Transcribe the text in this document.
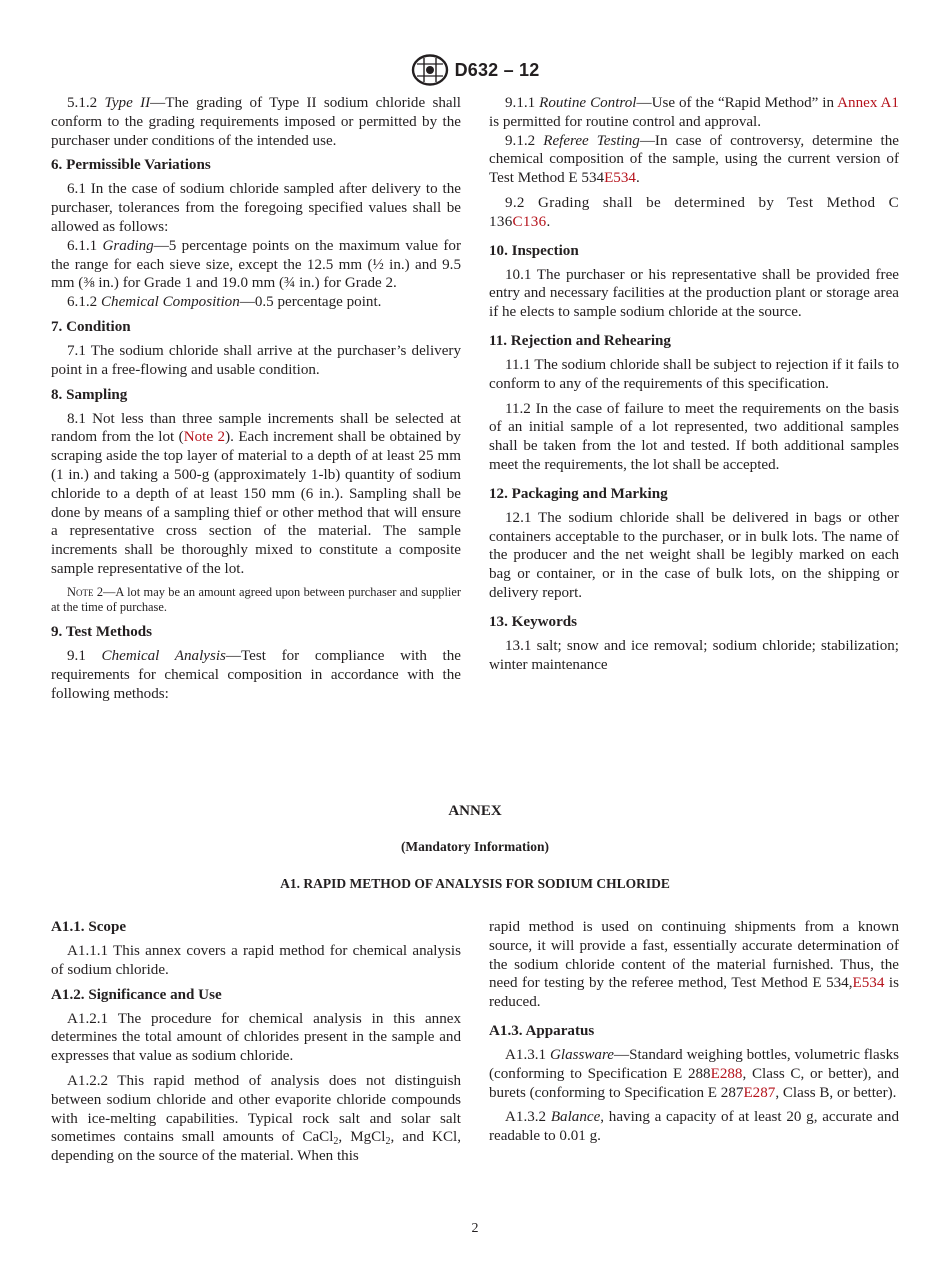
D632 – 12

5.1.2 Type II—The grading of Type II sodium chloride shall conform to the grading requirements imposed or permitted by the purchaser under conditions of the intended use.

6. Permissible Variations

6.1 In the case of sodium chloride sampled after delivery to the purchaser, tolerances from the foregoing specified values shall be allowed as follows:

6.1.1 Grading—5 percentage points on the maximum value for the range for each sieve size, except the 12.5 mm (½ in.) and 9.5 mm (⅜ in.) for Grade 1 and 19.0 mm (¾ in.) for Grade 2.

6.1.2 Chemical Composition—0.5 percentage point.

7. Condition

7.1 The sodium chloride shall arrive at the purchaser’s delivery point in a free-flowing and usable condition.

8. Sampling

8.1 Not less than three sample increments shall be selected at random from the lot (Note 2). Each increment shall be obtained by scraping aside the top layer of material to a depth of at least 25 mm (1 in.) and taking a 500-g (approximately 1-lb) quantity of sodium chloride to a depth of at least 150 mm (6 in.). Sampling shall be done by means of a sampling thief or other method that will ensure a representative cross section of the material. The sample increments shall be thoroughly mixed to constitute a composite sample representative of the lot.

Note 2—A lot may be an amount agreed upon between purchaser and supplier at the time of purchase.

9. Test Methods

9.1 Chemical Analysis—Test for compliance with the requirements for chemical composition in accordance with the following methods:

9.1.1 Routine Control—Use of the “Rapid Method” in Annex A1 is permitted for routine control and approval.

9.1.2 Referee Testing—In case of controversy, determine the chemical composition of the sample, using the current version of Test Method E 534E534.

9.2 Grading shall be determined by Test Method C 136C136.

10. Inspection

10.1 The purchaser or his representative shall be provided free entry and necessary facilities at the production plant or storage area if he elects to sample sodium chloride at the source.

11. Rejection and Rehearing

11.1 The sodium chloride shall be subject to rejection if it fails to conform to any of the requirements of this specification.

11.2 In the case of failure to meet the requirements on the basis of an initial sample of a lot represented, two additional samples shall be taken from the lot and tested. If both additional samples meet the requirements, the lot shall be accepted.

12. Packaging and Marking

12.1 The sodium chloride shall be delivered in bags or other containers acceptable to the purchaser, or in bulk lots. The name of the producer and the net weight shall be legibly marked on each bag or container, or in the case of bulk lots, on the shipping or delivery report.

13. Keywords

13.1 salt; snow and ice removal; sodium chloride; stabilization; winter maintenance

ANNEX
(Mandatory Information)
A1. RAPID METHOD OF ANALYSIS FOR SODIUM CHLORIDE
A1.1. Scope

A1.1.1 This annex covers a rapid method for chemical analysis of sodium chloride.

A1.2. Significance and Use

A1.2.1 The procedure for chemical analysis in this annex determines the total amount of chlorides present in the sample and expresses that value as sodium chloride.

A1.2.2 This rapid method of analysis does not distinguish between sodium chloride and other evaporite chloride compounds with ice-melting capabilities. Typical rock salt and solar salt sometimes contains small amounts of CaCl$_2$, MgCl$_2$, and KCl, depending on the source of the material. When this

rapid method is used on continuing shipments from a known source, it will provide a fast, essentially accurate determination of the sodium chloride content of the material furnished. Thus, the need for testing by the referee method, Test Method E 534,E534 is reduced.

A1.3. Apparatus

A1.3.1 Glassware—Standard weighing bottles, volumetric flasks (conforming to Specification E 288E288, Class C, or better), and burets (conforming to Specification E 287E287, Class B, or better).

A1.3.2 Balance, having a capacity of at least 20 g, accurate and readable to 0.01 g.

2
